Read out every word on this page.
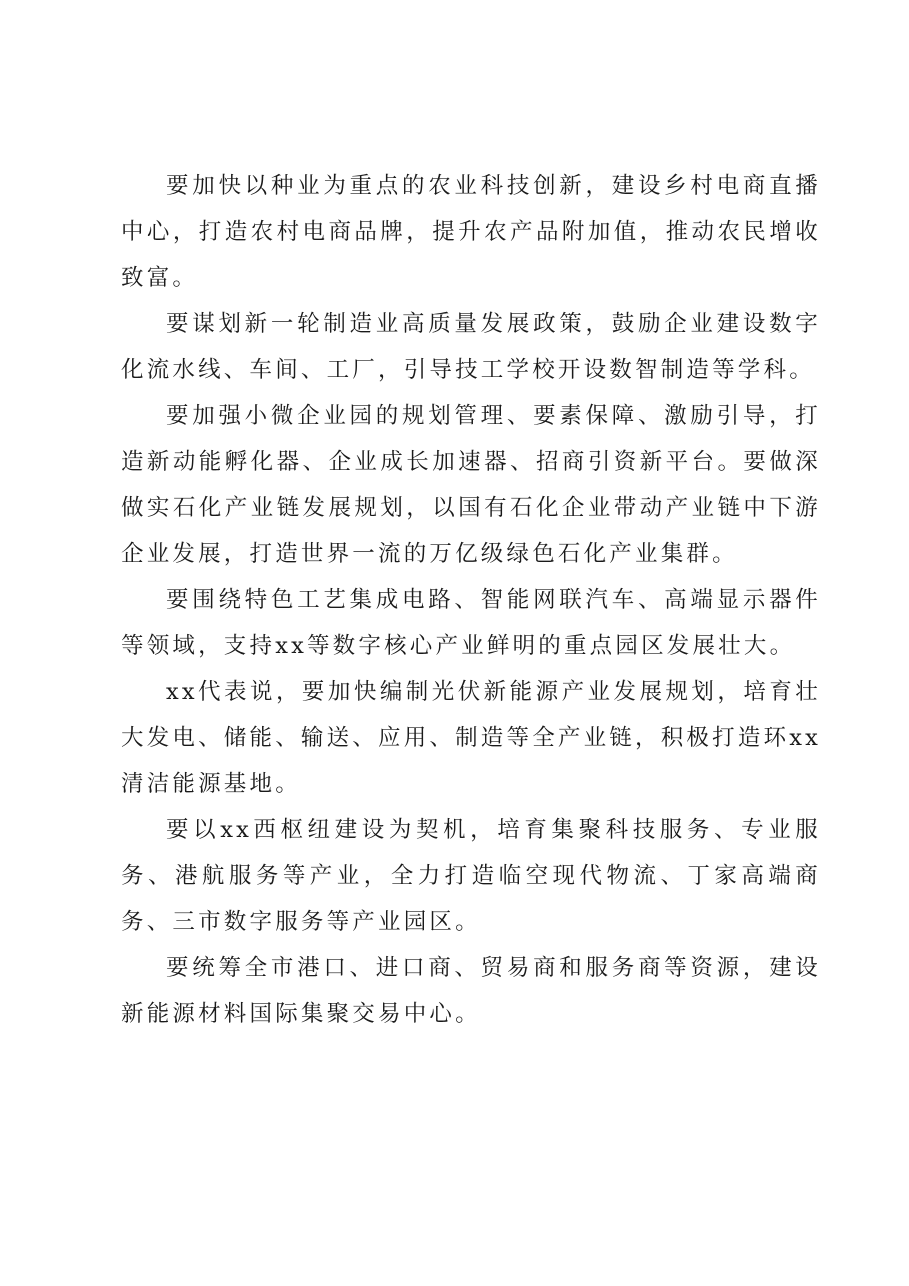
要加快以种业为重点的农业科技创新，建设乡村电商直播中心，打造农村电商品牌，提升农产品附加值，推动农民增收致富。

要谋划新一轮制造业高质量发展政策，鼓励企业建设数字化流水线、车间、工厂，引导技工学校开设数智制造等学科。

要加强小微企业园的规划管理、要素保障、激励引导，打造新动能孵化器、企业成长加速器、招商引资新平台。要做深做实石化产业链发展规划，以国有石化企业带动产业链中下游企业发展，打造世界一流的万亿级绿色石化产业集群。

要围绕特色工艺集成电路、智能网联汽车、高端显示器件等领域，支持xx等数字核心产业鲜明的重点园区发展壮大。

xx代表说，要加快编制光伏新能源产业发展规划，培育壮大发电、储能、输送、应用、制造等全产业链，积极打造环xx清洁能源基地。

要以xx西枢纽建设为契机，培育集聚科技服务、专业服务、港航服务等产业，全力打造临空现代物流、丁家高端商务、三市数字服务等产业园区。

要统筹全市港口、进口商、贸易商和服务商等资源，建设新能源材料国际集聚交易中心。
